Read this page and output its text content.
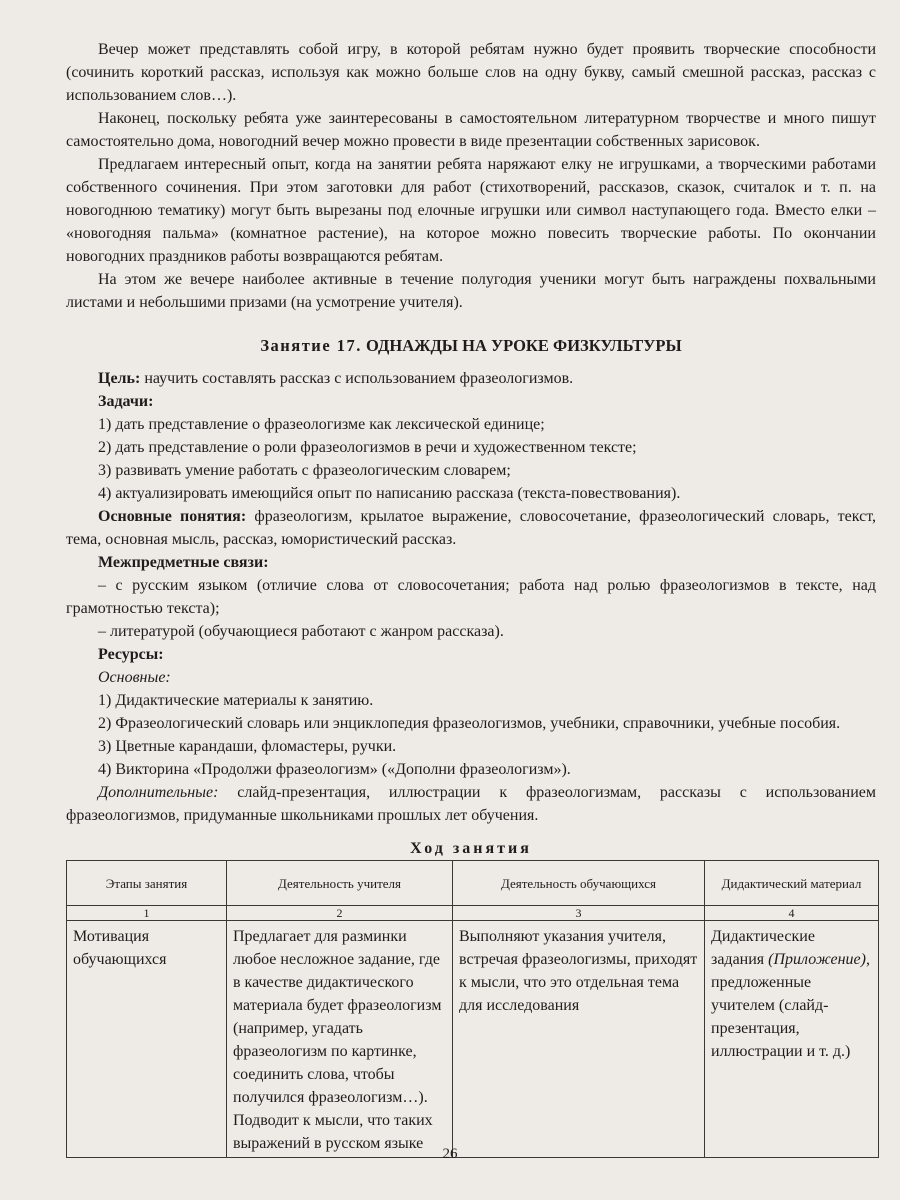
Вечер может представлять собой игру, в которой ребятам нужно будет проявить творческие способности (сочинить короткий рассказ, используя как можно больше слов на одну букву, самый смешной рассказ, рассказ с использованием слов…).

Наконец, поскольку ребята уже заинтересованы в самостоятельном литературном творчестве и много пишут самостоятельно дома, новогодний вечер можно провести в виде презентации собственных зарисовок.

Предлагаем интересный опыт, когда на занятии ребята наряжают елку не игрушками, а творческими работами собственного сочинения. При этом заготовки для работ (стихотворений, рассказов, сказок, считалок и т. п. на новогоднюю тематику) могут быть вырезаны под елочные игрушки или символ наступающего года. Вместо елки – «новогодняя пальма» (комнатное растение), на которое можно повесить творческие работы. По окончании новогодних праздников работы возвращаются ребятам.

На этом же вечере наиболее активные в течение полугодия ученики могут быть награждены похвальными листами и небольшими призами (на усмотрение учителя).

Занятие 17. ОДНАЖДЫ НА УРОКЕ ФИЗКУЛЬТУРЫ

Цель: научить составлять рассказ с использованием фразеологизмов.

Задачи:

1) дать представление о фразеологизме как лексической единице;

2) дать представление о роли фразеологизмов в речи и художественном тексте;

3) развивать умение работать с фразеологическим словарем;

4) актуализировать имеющийся опыт по написанию рассказа (текста-повествования).

Основные понятия: фразеологизм, крылатое выражение, словосочетание, фразеологический словарь, текст, тема, основная мысль, рассказ, юмористический рассказ.

Межпредметные связи:

– с русским языком (отличие слова от словосочетания; работа над ролью фразеологизмов в тексте, над грамотностью текста);

– литературой (обучающиеся работают с жанром рассказа).

Ресурсы:

Основные:

1) Дидактические материалы к занятию.

2) Фразеологический словарь или энциклопедия фразеологизмов, учебники, справочники, учебные пособия.

3) Цветные карандаши, фломастеры, ручки.

4) Викторина «Продолжи фразеологизм» («Дополни фразеологизм»).

Дополнительные: слайд-презентация, иллюстрации к фразеологизмам, рассказы с использованием фразеологизмов, придуманные школьниками прошлых лет обучения.

Ход занятия
Этапы занятия	Деятельность учителя	Деятельность обучающихся	Дидактический материал
1	2	3	4
Мотивация обучающихся	Предлагает для разминки любое несложное задание, где в качестве дидактического материала будет фразеологизм (например, угадать фразеологизм по картинке, соединить слова, чтобы получился фразеологизм…). Подводит к мысли, что таких выражений в русском языке	Выполняют указания учителя, встречая фразеологизмы, приходят к мысли, что это отдельная тема для исследования	Дидактические задания (Приложение), предложенные учителем (слайд-презентация, иллюстрации и т. д.)
26
